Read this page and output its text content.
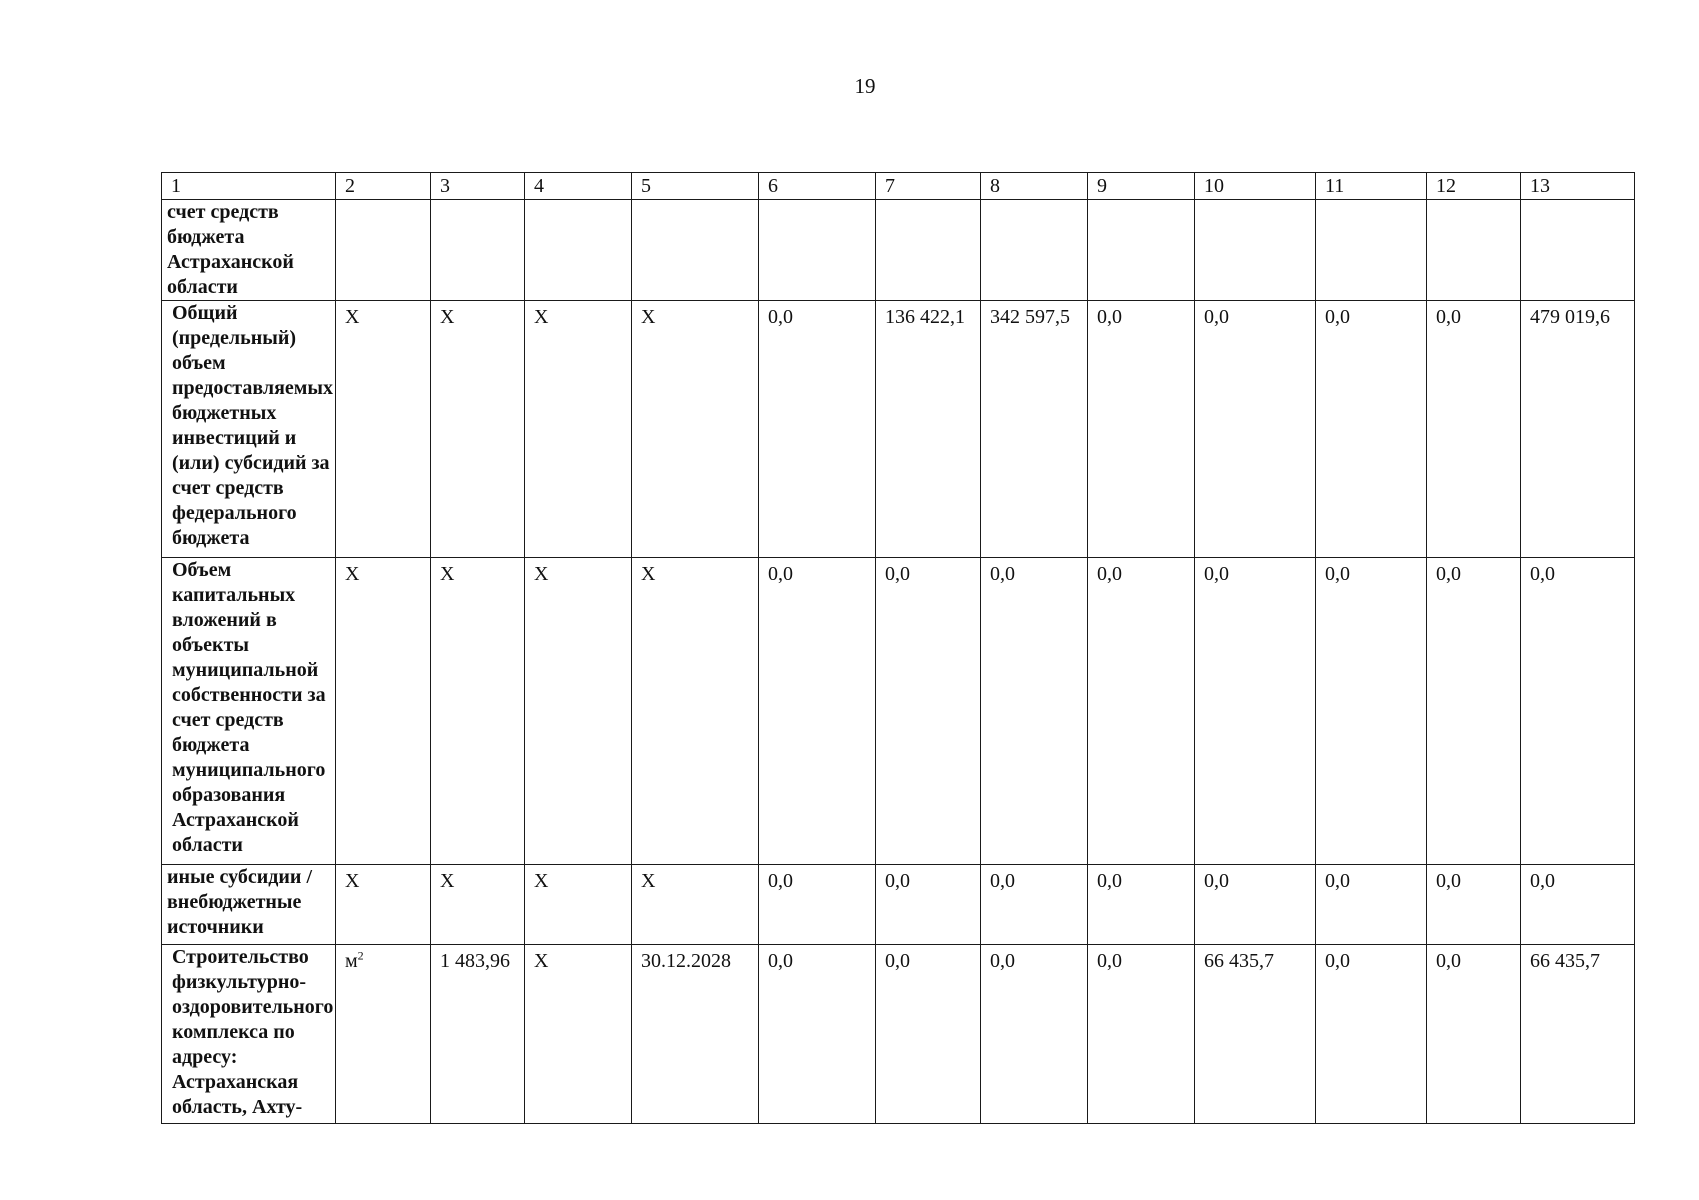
19
1	2	3	4	5	6	7	8	9	10	11	12	13
счет средств бюджета Астраханской области												
Общий (предельный) объем предоставляемых бюджетных инвестиций и (или) субсидий за счет средств федерального бюджета	Х	Х	Х	Х	0,0	136 422,1	342 597,5	0,0	0,0	0,0	0,0	479 019,6
Объем капитальных вложений в объекты муниципальной собственности за счет средств бюджета муниципального образования Астраханской области	Х	Х	Х	Х	0,0	0,0	0,0	0,0	0,0	0,0	0,0	0,0
иные субсидии / внебюджетные источники	Х	Х	Х	Х	0,0	0,0	0,0	0,0	0,0	0,0	0,0	0,0
Строительство физкультурно-оздоровительного комплекса по адресу: Астраханская область, Ахту-	$м^2$	1 483,96	Х	30.12.2028	0,0	0,0	0,0	0,0	66 435,7	0,0	0,0	66 435,7
